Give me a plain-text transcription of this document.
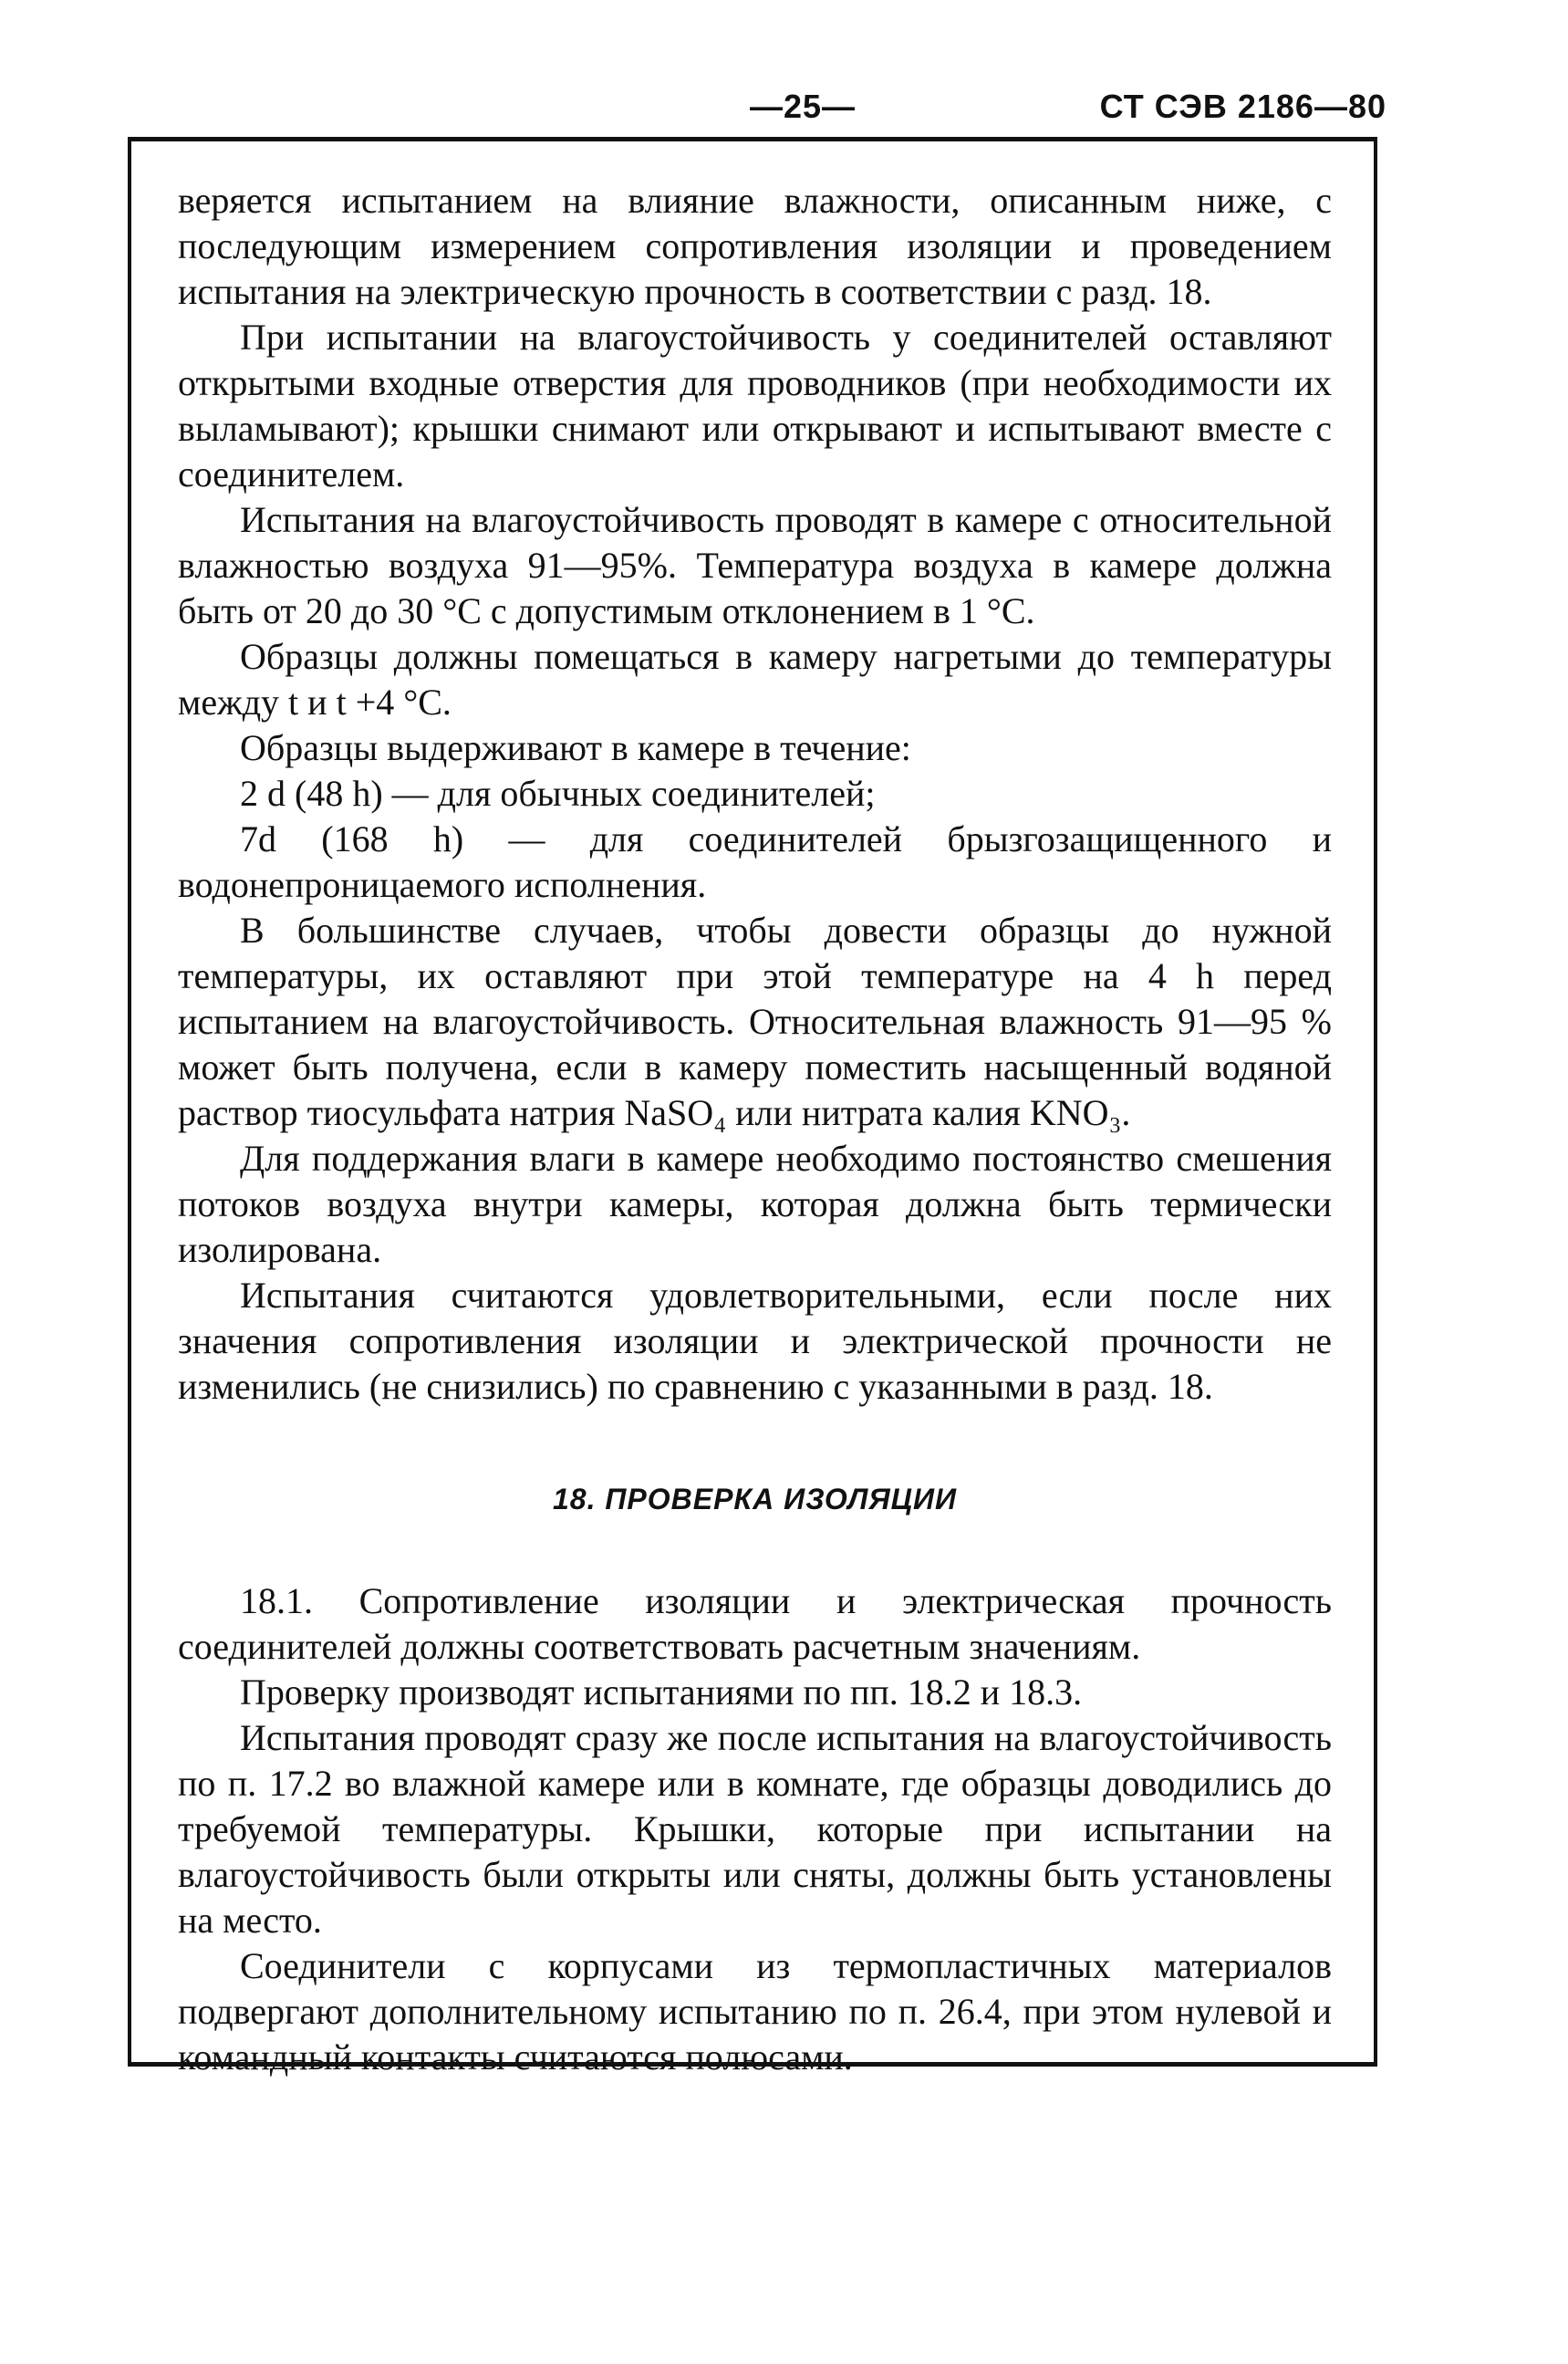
—25—	СТ СЭВ 2186—80

веряется испытанием на влияние влажности, описанным ниже, с последующим измерением сопротивления изоляции и проведением испытания на электрическую прочность в соответствии с разд. 18.

При испытании на влагоустойчивость у соединителей оставляют открытыми входные отверстия для проводников (при необходимости их выламывают); крышки снимают или открывают и испытывают вместе с соединителем.

Испытания на влагоустойчивость проводят в камере с относительной влажностью воздуха 91—95%. Температура воздуха в камере должна быть от 20 до 30 °C с допустимым отклонением в 1 °C.

Образцы должны помещаться в камеру нагретыми до температуры между t и t +4 °C.

Образцы выдерживают в камере в течение:

2 d (48 h) — для обычных соединителей;

7d (168 h) — для соединителей брызгозащищенного и водонепроницаемого исполнения.

В большинстве случаев, чтобы довести образцы до нужной температуры, их оставляют при этой температуре на 4 h перед испытанием на влагоустойчивость. Относительная влажность 91—95 % может быть получена, если в камеру поместить насыщенный водяной раствор тиосульфата натрия NaSO₄ или нитрата калия KNO₃.

Для поддержания влаги в камере необходимо постоянство смешения потоков воздуха внутри камеры, которая должна быть термически изолирована.

Испытания считаются удовлетворительными, если после них значения сопротивления изоляции и электрической прочности не изменились (не снизились) по сравнению с указанными в разд. 18.

18. ПРОВЕРКА ИЗОЛЯЦИИ

18.1. Сопротивление изоляции и электрическая прочность соединителей должны соответствовать расчетным значениям.

Проверку производят испытаниями по пп. 18.2 и 18.3.

Испытания проводят сразу же после испытания на влагоустойчивость по п. 17.2 во влажной камере или в комнате, где образцы доводились до требуемой температуры. Крышки, которые при испытании на влагоустойчивость были открыты или сняты, должны быть установлены на место.

Соединители с корпусами из термопластичных материалов подвергают дополнительному испытанию по п. 26.4, при этом нулевой и командный контакты считаются полюсами.
